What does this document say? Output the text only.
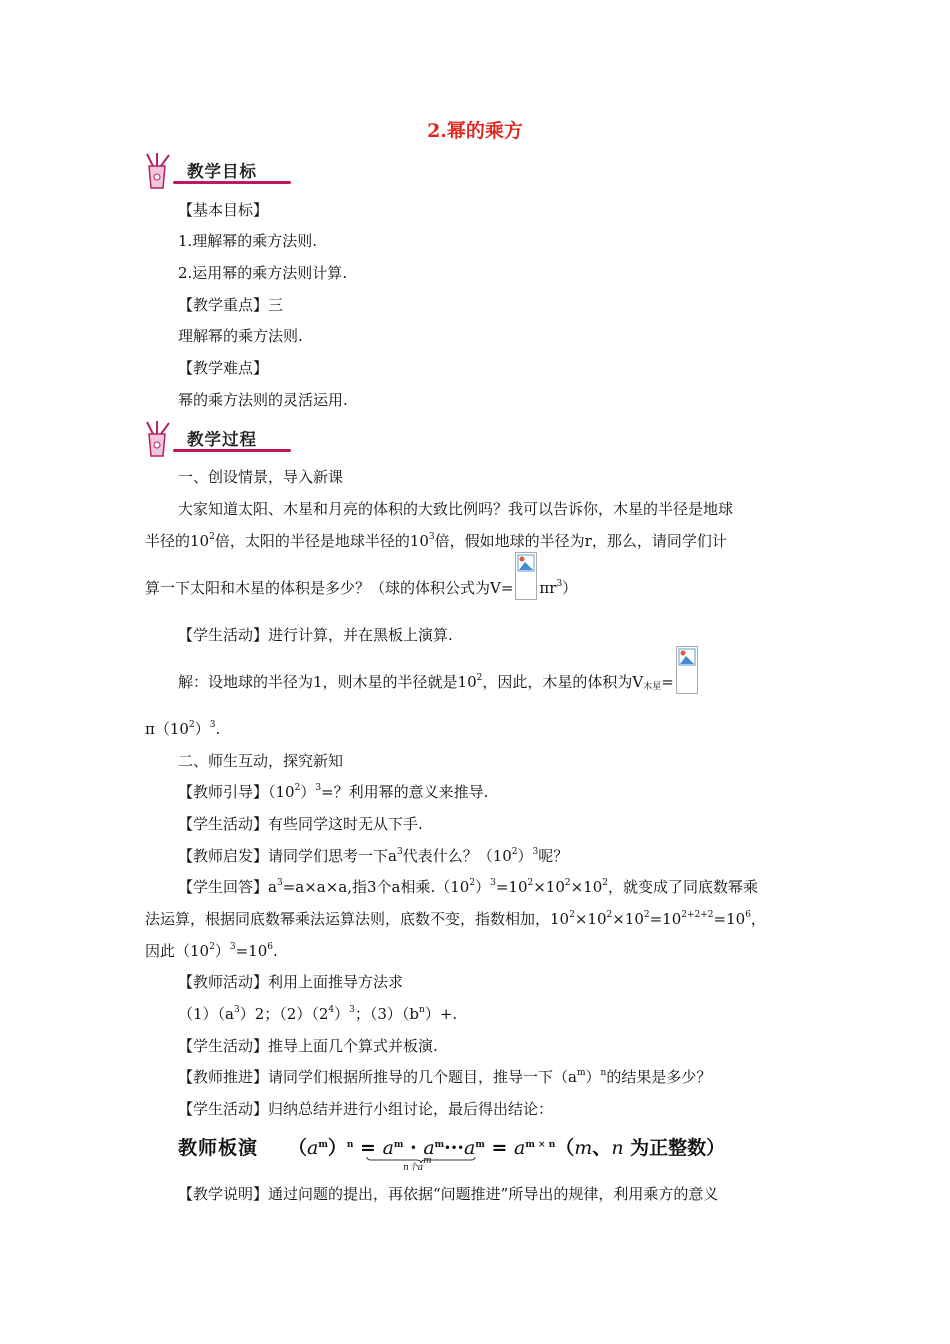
2.幂的乘方
教学目标
【基本目标】
1.理解幂的乘方法则.
2.运用幂的乘方法则计算.
【教学重点】三
理解幂的乘方法则.
【教学难点】
幂的乘方法则的灵活运用.
教学过程
一、创设情景，导入新课
大家知道太阳、木星和月亮的体积的大致比例吗？我可以告诉你，木星的半径是地球
半径的$10^2$倍，太阳的半径是地球半径的$10^3$倍，假如地球的半径为r，那么，请同学们计
算一下太阳和木星的体积是多少？（球的体积公式为$V= \pi r^3$）
【学生活动】进行计算，并在黑板上演算.
解：设地球的半径为1，则木星的半径就是$10^2$，因此，木星的体积为$V_{木星}=$
$\pi(10^2)^3$.
二、师生互动，探究新知
【教师引导】$(10^2)^3=$？利用幂的意义来推导.
【学生活动】有些同学这时无从下手.
【教师启发】请同学们思考一下$a^3$代表什么？$(10^2)^3$呢？
【学生回答】$a^3=a\times a\times a$,指3个a相乘$.(10^2)^3=10^2\times 10^2\times 10^2$，就变成了同底数幂乘
法运算，根据同底数幂乘法运算法则，底数不变，指数相加，$10^2\times 10^2\times 10^2=10^{2+2+2}=10^6$，
因此$(10^2)^3=10^6$.
【教师活动】利用上面推导方法求
$(1)(a^3)2$；$(2)(2^4)^3$；$(3)(b^n)+$.
【学生活动】推导上面几个算式并板演.
【教师推进】请同学们根据所推导的几个题目，推导一下$(a^m)^n$的结果是多少？
【学生活动】归纳总结并进行小组讨论，最后得出结论：
教师板演 $(a^m)^n = a^m \cdot a^m\cdot\cdot\cdot a^m = a^{m \times n}(m$、n 为正整数）
n个$a^m$
【教学说明】通过问题的提出，再依据“问题推进”所导出的规律，利用乘方的意义
